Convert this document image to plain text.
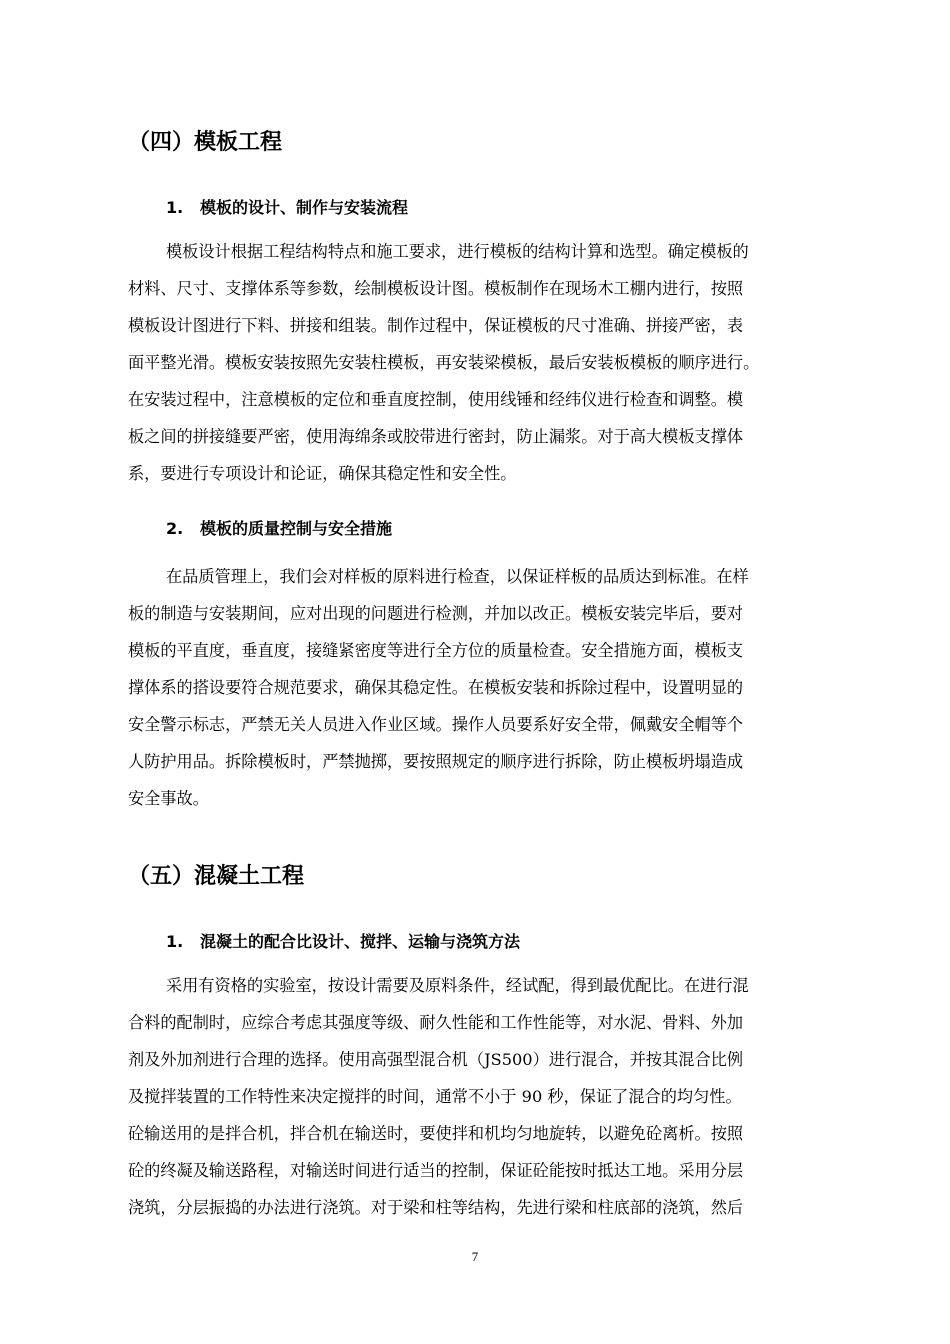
（四）模板工程
1. 模板的设计、制作与安装流程
模板设计根据工程结构特点和施工要求，进行模板的结构计算和选型。确定模板的
材料、尺寸、支撑体系等参数，绘制模板设计图。模板制作在现场木工棚内进行，按照
模板设计图进行下料、拼接和组装。制作过程中，保证模板的尺寸准确、拼接严密，表
面平整光滑。模板安装按照先安装柱模板，再安装梁模板，最后安装板模板的顺序进行。
在安装过程中，注意模板的定位和垂直度控制，使用线锤和经纬仪进行检查和调整。模
板之间的拼接缝要严密，使用海绵条或胶带进行密封，防止漏浆。对于高大模板支撑体
系，要进行专项设计和论证，确保其稳定性和安全性。
2. 模板的质量控制与安全措施
在品质管理上，我们会对样板的原料进行检查，以保证样板的品质达到标准。在样
板的制造与安装期间，应对出现的问题进行检测，并加以改正。模板安装完毕后，要对
模板的平直度，垂直度，接缝紧密度等进行全方位的质量检查。安全措施方面，模板支
撑体系的搭设要符合规范要求，确保其稳定性。在模板安装和拆除过程中，设置明显的
安全警示标志，严禁无关人员进入作业区域。操作人员要系好安全带，佩戴安全帽等个
人防护用品。拆除模板时，严禁抛掷，要按照规定的顺序进行拆除，防止模板坍塌造成
安全事故。
（五）混凝土工程
1. 混凝土的配合比设计、搅拌、运输与浇筑方法
采用有资格的实验室，按设计需要及原料条件，经试配，得到最优配比。在进行混
合料的配制时，应综合考虑其强度等级、耐久性能和工作性能等，对水泥、骨料、外加
剂及外加剂进行合理的选择。使用高强型混合机（JS500）进行混合，并按其混合比例
及搅拌装置的工作特性来决定搅拌的时间，通常不小于 90 秒，保证了混合的均匀性。
砼输送用的是拌合机，拌合机在输送时，要使拌和机均匀地旋转，以避免砼离析。按照
砼的终凝及输送路程，对输送时间进行适当的控制，保证砼能按时抵达工地。采用分层
浇筑，分层振捣的办法进行浇筑。对于梁和柱等结构，先进行梁和柱底部的浇筑，然后
7
